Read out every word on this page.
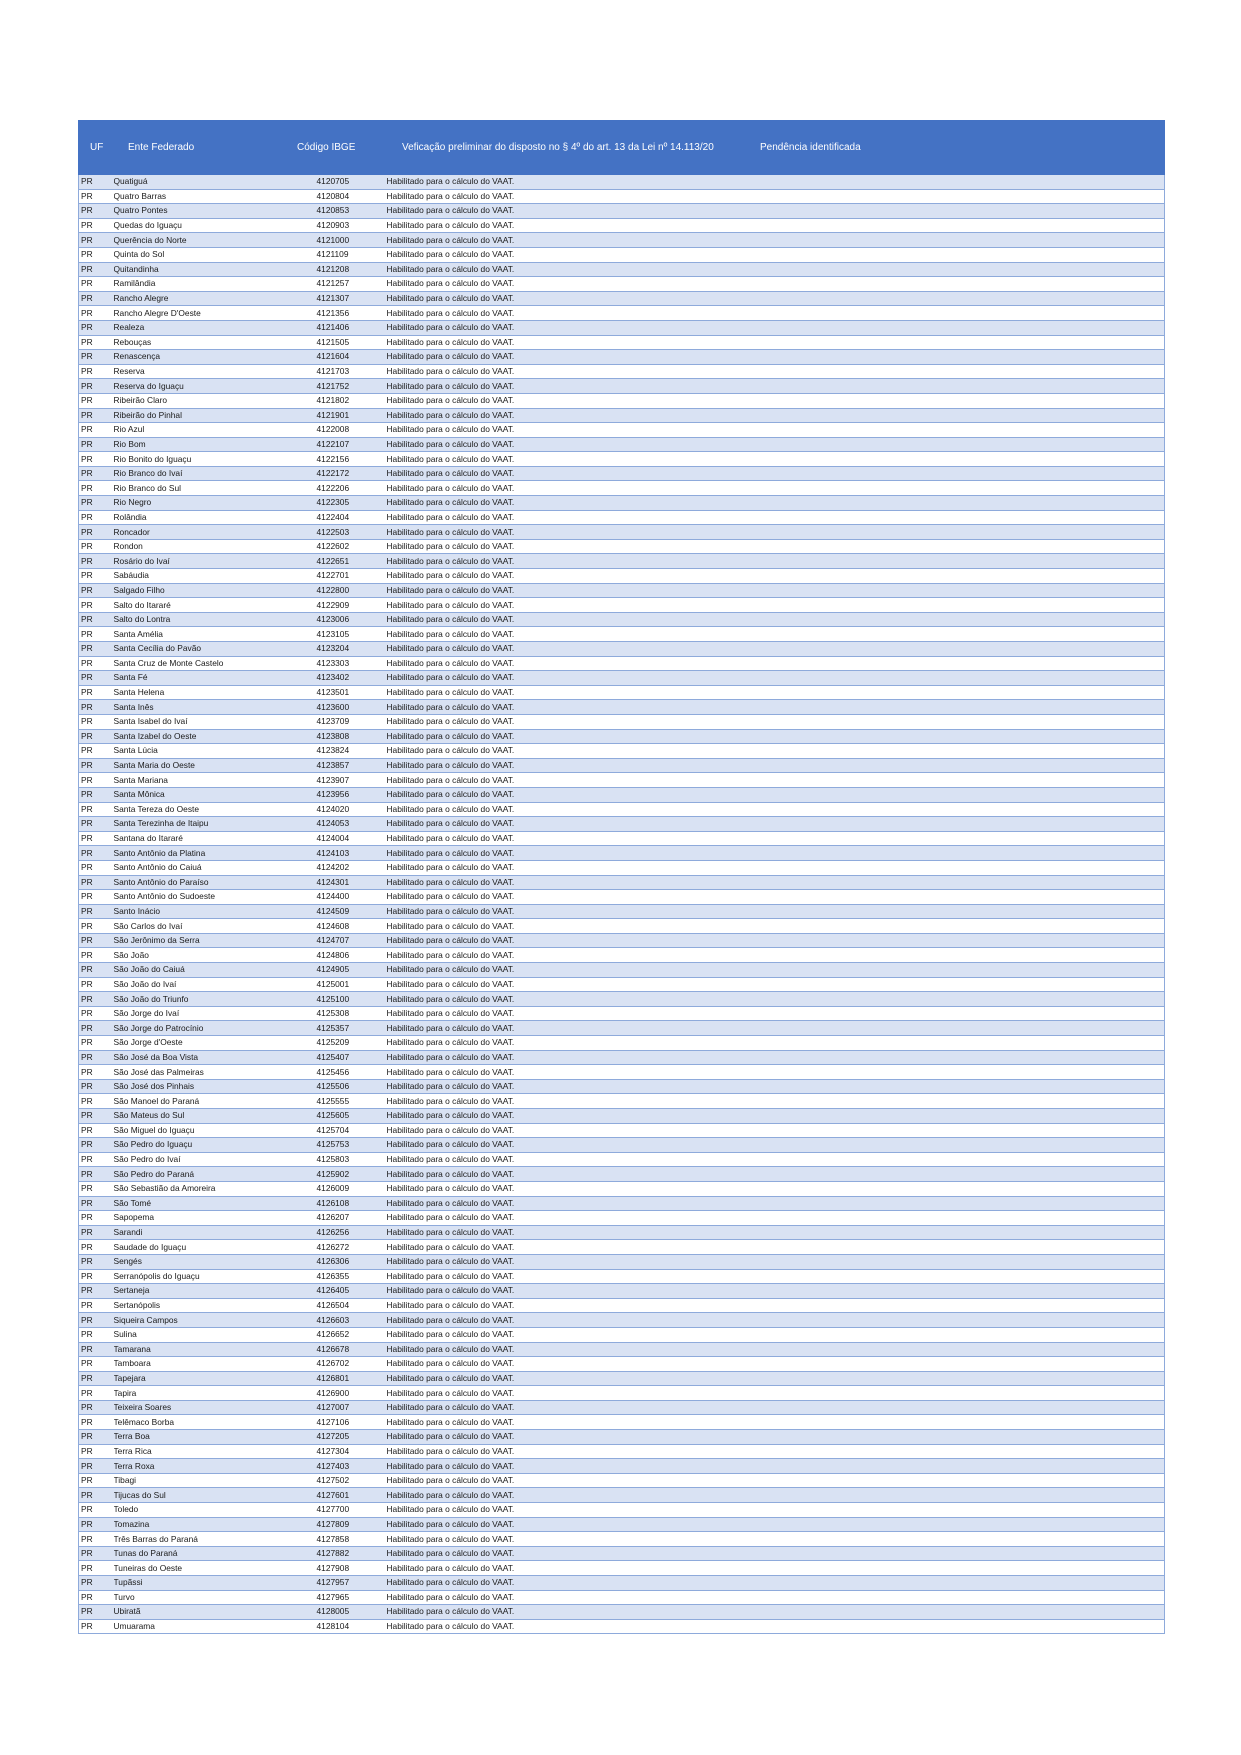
UF	Ente Federado	Código IBGE	Veficação preliminar do disposto no § 4º do art. 13 da Lei nº 14.113/20	Pendência identificada
PR	Quatiguá	4120705	Habilitado para o cálculo do VAAT.	
PR	Quatro Barras	4120804	Habilitado para o cálculo do VAAT.	
PR	Quatro Pontes	4120853	Habilitado para o cálculo do VAAT.	
PR	Quedas do Iguaçu	4120903	Habilitado para o cálculo do VAAT.	
PR	Querência do Norte	4121000	Habilitado para o cálculo do VAAT.	
PR	Quinta do Sol	4121109	Habilitado para o cálculo do VAAT.	
PR	Quitandinha	4121208	Habilitado para o cálculo do VAAT.	
PR	Ramilândia	4121257	Habilitado para o cálculo do VAAT.	
PR	Rancho Alegre	4121307	Habilitado para o cálculo do VAAT.	
PR	Rancho Alegre D'Oeste	4121356	Habilitado para o cálculo do VAAT.	
PR	Realeza	4121406	Habilitado para o cálculo do VAAT.	
PR	Rebouças	4121505	Habilitado para o cálculo do VAAT.	
PR	Renascença	4121604	Habilitado para o cálculo do VAAT.	
PR	Reserva	4121703	Habilitado para o cálculo do VAAT.	
PR	Reserva do Iguaçu	4121752	Habilitado para o cálculo do VAAT.	
PR	Ribeirão Claro	4121802	Habilitado para o cálculo do VAAT.	
PR	Ribeirão do Pinhal	4121901	Habilitado para o cálculo do VAAT.	
PR	Rio Azul	4122008	Habilitado para o cálculo do VAAT.	
PR	Rio Bom	4122107	Habilitado para o cálculo do VAAT.	
PR	Rio Bonito do Iguaçu	4122156	Habilitado para o cálculo do VAAT.	
PR	Rio Branco do Ivaí	4122172	Habilitado para o cálculo do VAAT.	
PR	Rio Branco do Sul	4122206	Habilitado para o cálculo do VAAT.	
PR	Rio Negro	4122305	Habilitado para o cálculo do VAAT.	
PR	Rolândia	4122404	Habilitado para o cálculo do VAAT.	
PR	Roncador	4122503	Habilitado para o cálculo do VAAT.	
PR	Rondon	4122602	Habilitado para o cálculo do VAAT.	
PR	Rosário do Ivaí	4122651	Habilitado para o cálculo do VAAT.	
PR	Sabáudia	4122701	Habilitado para o cálculo do VAAT.	
PR	Salgado Filho	4122800	Habilitado para o cálculo do VAAT.	
PR	Salto do Itararé	4122909	Habilitado para o cálculo do VAAT.	
PR	Salto do Lontra	4123006	Habilitado para o cálculo do VAAT.	
PR	Santa Amélia	4123105	Habilitado para o cálculo do VAAT.	
PR	Santa Cecília do Pavão	4123204	Habilitado para o cálculo do VAAT.	
PR	Santa Cruz de Monte Castelo	4123303	Habilitado para o cálculo do VAAT.	
PR	Santa Fé	4123402	Habilitado para o cálculo do VAAT.	
PR	Santa Helena	4123501	Habilitado para o cálculo do VAAT.	
PR	Santa Inês	4123600	Habilitado para o cálculo do VAAT.	
PR	Santa Isabel do Ivaí	4123709	Habilitado para o cálculo do VAAT.	
PR	Santa Izabel do Oeste	4123808	Habilitado para o cálculo do VAAT.	
PR	Santa Lúcia	4123824	Habilitado para o cálculo do VAAT.	
PR	Santa Maria do Oeste	4123857	Habilitado para o cálculo do VAAT.	
PR	Santa Mariana	4123907	Habilitado para o cálculo do VAAT.	
PR	Santa Mônica	4123956	Habilitado para o cálculo do VAAT.	
PR	Santa Tereza do Oeste	4124020	Habilitado para o cálculo do VAAT.	
PR	Santa Terezinha de Itaipu	4124053	Habilitado para o cálculo do VAAT.	
PR	Santana do Itararé	4124004	Habilitado para o cálculo do VAAT.	
PR	Santo Antônio da Platina	4124103	Habilitado para o cálculo do VAAT.	
PR	Santo Antônio do Caiuá	4124202	Habilitado para o cálculo do VAAT.	
PR	Santo Antônio do Paraíso	4124301	Habilitado para o cálculo do VAAT.	
PR	Santo Antônio do Sudoeste	4124400	Habilitado para o cálculo do VAAT.	
PR	Santo Inácio	4124509	Habilitado para o cálculo do VAAT.	
PR	São Carlos do Ivaí	4124608	Habilitado para o cálculo do VAAT.	
PR	São Jerônimo da Serra	4124707	Habilitado para o cálculo do VAAT.	
PR	São João	4124806	Habilitado para o cálculo do VAAT.	
PR	São João do Caiuá	4124905	Habilitado para o cálculo do VAAT.	
PR	São João do Ivaí	4125001	Habilitado para o cálculo do VAAT.	
PR	São João do Triunfo	4125100	Habilitado para o cálculo do VAAT.	
PR	São Jorge do Ivaí	4125308	Habilitado para o cálculo do VAAT.	
PR	São Jorge do Patrocínio	4125357	Habilitado para o cálculo do VAAT.	
PR	São Jorge d'Oeste	4125209	Habilitado para o cálculo do VAAT.	
PR	São José da Boa Vista	4125407	Habilitado para o cálculo do VAAT.	
PR	São José das Palmeiras	4125456	Habilitado para o cálculo do VAAT.	
PR	São José dos Pinhais	4125506	Habilitado para o cálculo do VAAT.	
PR	São Manoel do Paraná	4125555	Habilitado para o cálculo do VAAT.	
PR	São Mateus do Sul	4125605	Habilitado para o cálculo do VAAT.	
PR	São Miguel do Iguaçu	4125704	Habilitado para o cálculo do VAAT.	
PR	São Pedro do Iguaçu	4125753	Habilitado para o cálculo do VAAT.	
PR	São Pedro do Ivaí	4125803	Habilitado para o cálculo do VAAT.	
PR	São Pedro do Paraná	4125902	Habilitado para o cálculo do VAAT.	
PR	São Sebastião da Amoreira	4126009	Habilitado para o cálculo do VAAT.	
PR	São Tomé	4126108	Habilitado para o cálculo do VAAT.	
PR	Sapopema	4126207	Habilitado para o cálculo do VAAT.	
PR	Sarandi	4126256	Habilitado para o cálculo do VAAT.	
PR	Saudade do Iguaçu	4126272	Habilitado para o cálculo do VAAT.	
PR	Sengés	4126306	Habilitado para o cálculo do VAAT.	
PR	Serranópolis do Iguaçu	4126355	Habilitado para o cálculo do VAAT.	
PR	Sertaneja	4126405	Habilitado para o cálculo do VAAT.	
PR	Sertanópolis	4126504	Habilitado para o cálculo do VAAT.	
PR	Siqueira Campos	4126603	Habilitado para o cálculo do VAAT.	
PR	Sulina	4126652	Habilitado para o cálculo do VAAT.	
PR	Tamarana	4126678	Habilitado para o cálculo do VAAT.	
PR	Tamboara	4126702	Habilitado para o cálculo do VAAT.	
PR	Tapejara	4126801	Habilitado para o cálculo do VAAT.	
PR	Tapira	4126900	Habilitado para o cálculo do VAAT.	
PR	Teixeira Soares	4127007	Habilitado para o cálculo do VAAT.	
PR	Telêmaco Borba	4127106	Habilitado para o cálculo do VAAT.	
PR	Terra Boa	4127205	Habilitado para o cálculo do VAAT.	
PR	Terra Rica	4127304	Habilitado para o cálculo do VAAT.	
PR	Terra Roxa	4127403	Habilitado para o cálculo do VAAT.	
PR	Tibagi	4127502	Habilitado para o cálculo do VAAT.	
PR	Tijucas do Sul	4127601	Habilitado para o cálculo do VAAT.	
PR	Toledo	4127700	Habilitado para o cálculo do VAAT.	
PR	Tomazina	4127809	Habilitado para o cálculo do VAAT.	
PR	Três Barras do Paraná	4127858	Habilitado para o cálculo do VAAT.	
PR	Tunas do Paraná	4127882	Habilitado para o cálculo do VAAT.	
PR	Tuneiras do Oeste	4127908	Habilitado para o cálculo do VAAT.	
PR	Tupãssi	4127957	Habilitado para o cálculo do VAAT.	
PR	Turvo	4127965	Habilitado para o cálculo do VAAT.	
PR	Ubiratã	4128005	Habilitado para o cálculo do VAAT.	
PR	Umuarama	4128104	Habilitado para o cálculo do VAAT.	
